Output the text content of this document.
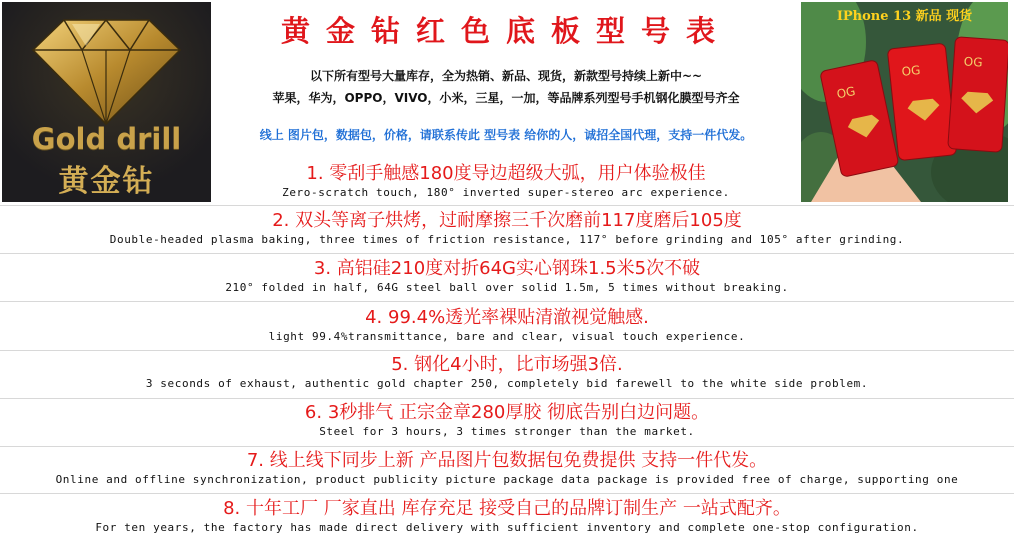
Gold drill
黄金钻
黄金钻红色底板型号表
以下所有型号大量库存，全为热销、新品、现货，新款型号持续上新中~~
苹果，华为，OPPO，VIVO，小米，三星，一加，等品牌系列型号手机钢化膜型号齐全
线上 图片包，数据包，价格，请联系传此 型号表 给你的人，诚招全国代理，支持一件代发。
OG
OG
OG
IPhone 13 新品 现货
1. 零刮手触感180度导边超级大弧，用户体验极佳
Zero-scratch touch, 180° inverted super-stereo arc experience.
2. 双头等离子烘烤，过耐摩擦三千次磨前117度磨后105度
Double-headed plasma baking, three times of friction resistance, 117° before grinding and 105° after grinding.
3. 高铝硅210度对折64G实心钢珠1.5米5次不破
210° folded in half, 64G steel ball over solid 1.5m, 5 times without breaking.
4. 99.4%透光率裸贴清澈视觉触感.
light 99.4%transmittance, bare and clear, visual touch experience.
5. 钢化4小时，比市场强3倍.
3 seconds of exhaust, authentic gold chapter 250, completely bid farewell to the white side problem.
6. 3秒排气 正宗金章280厚胶 彻底告别白边问题。
Steel for 3 hours, 3 times stronger than the market.
7. 线上线下同步上新 产品图片包数据包免费提供 支持一件代发。
Online and offline synchronization, product publicity picture package data package is provided free of charge, supporting one
8. 十年工厂 厂家直出 库存充足 接受自己的品牌订制生产 一站式配齐。
For ten years, the factory has made direct delivery with sufficient inventory and complete one-stop configuration.
